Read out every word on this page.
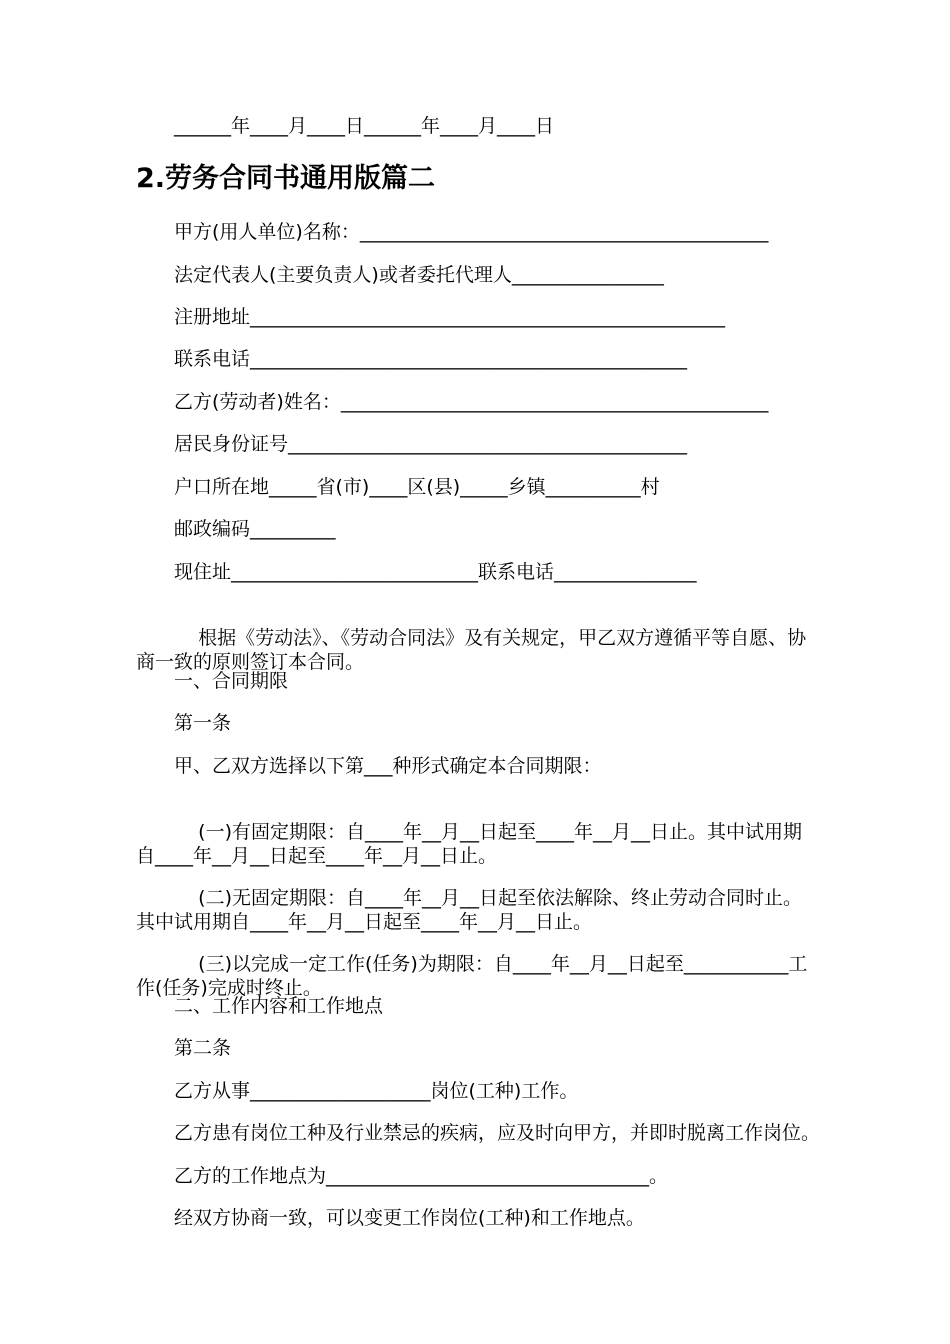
______年____月____日______年____月____日
2.劳务合同书通用版篇二
甲方(用人单位)名称：___________________________________________
法定代表人(主要负责人)或者委托代理人________________
注册地址__________________________________________________
联系电话______________________________________________
乙方(劳动者)姓名：_____________________________________________
居民身份证号__________________________________________
户口所在地_____省(市)____区(县)_____乡镇__________村
邮政编码_________
现住址__________________________联系电话_______________

根据《劳动法》、《劳动合同法》及有关规定，甲乙双方遵循平等自愿、协商一致的原则签订本合同。

一、合同期限
第一条
甲、乙双方选择以下第___种形式确定本合同期限：

(一)有固定期限：自____年__月__日起至____年__月__日止。其中试用期自____年__月__日起至____年__月__日止。

(二)无固定期限：自____年__月__日起至依法解除、终止劳动合同时止。其中试用期自____年__月__日起至____年__月__日止。

(三)以完成一定工作(任务)为期限：自____年__月__日起至___________工作(任务)完成时终止。

二、工作内容和工作地点
第二条
乙方从事___________________岗位(工种)工作。
乙方患有岗位工种及行业禁忌的疾病，应及时向甲方，并即时脱离工作岗位。
乙方的工作地点为__________________________________。
经双方协商一致，可以变更工作岗位(工种)和工作地点。
